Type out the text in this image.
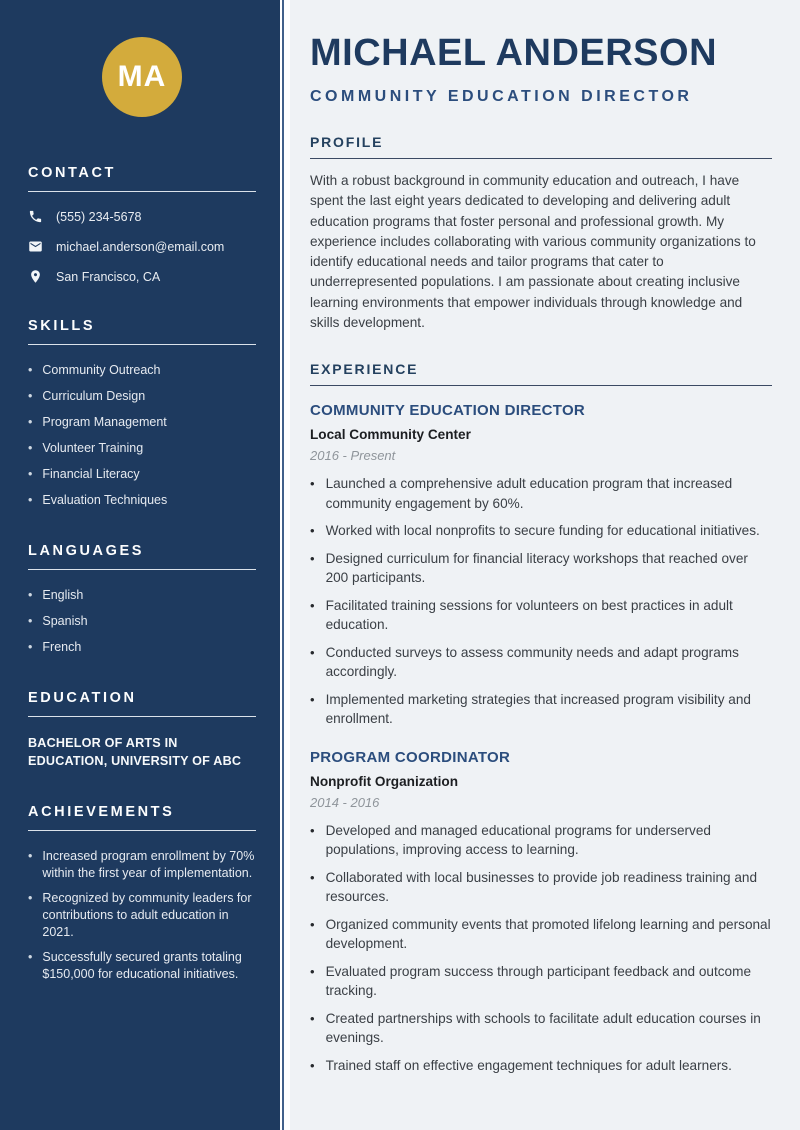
MA
CONTACT
(555) 234-5678
michael.anderson@email.com
San Francisco, CA
SKILLS
• Community Outreach
• Curriculum Design
• Program Management
• Volunteer Training
• Financial Literacy
• Evaluation Techniques
LANGUAGES
• English
• Spanish
• French
EDUCATION
BACHELOR OF ARTS IN EDUCATION, UNIVERSITY OF ABC
ACHIEVEMENTS
• Increased program enrollment by 70% within the first year of implementation.
• Recognized by community leaders for contributions to adult education in 2021.
• Successfully secured grants totaling $150,000 for educational initiatives.
MICHAEL ANDERSON
COMMUNITY EDUCATION DIRECTOR
PROFILE

With a robust background in community education and outreach, I have spent the last eight years dedicated to developing and delivering adult education programs that foster personal and professional growth. My experience includes collaborating with various community organizations to identify educational needs and tailor programs that cater to underrepresented populations. I am passionate about creating inclusive learning environments that empower individuals through knowledge and skills development.

EXPERIENCE
COMMUNITY EDUCATION DIRECTOR
Local Community Center
2016 - Present
• Launched a comprehensive adult education program that increased community engagement by 60%.
• Worked with local nonprofits to secure funding for educational initiatives.
• Designed curriculum for financial literacy workshops that reached over 200 participants.
• Facilitated training sessions for volunteers on best practices in adult education.
• Conducted surveys to assess community needs and adapt programs accordingly.
• Implemented marketing strategies that increased program visibility and enrollment.
PROGRAM COORDINATOR
Nonprofit Organization
2014 - 2016
• Developed and managed educational programs for underserved populations, improving access to learning.
• Collaborated with local businesses to provide job readiness training and resources.
• Organized community events that promoted lifelong learning and personal development.
• Evaluated program success through participant feedback and outcome tracking.
• Created partnerships with schools to facilitate adult education courses in evenings.
• Trained staff on effective engagement techniques for adult learners.
